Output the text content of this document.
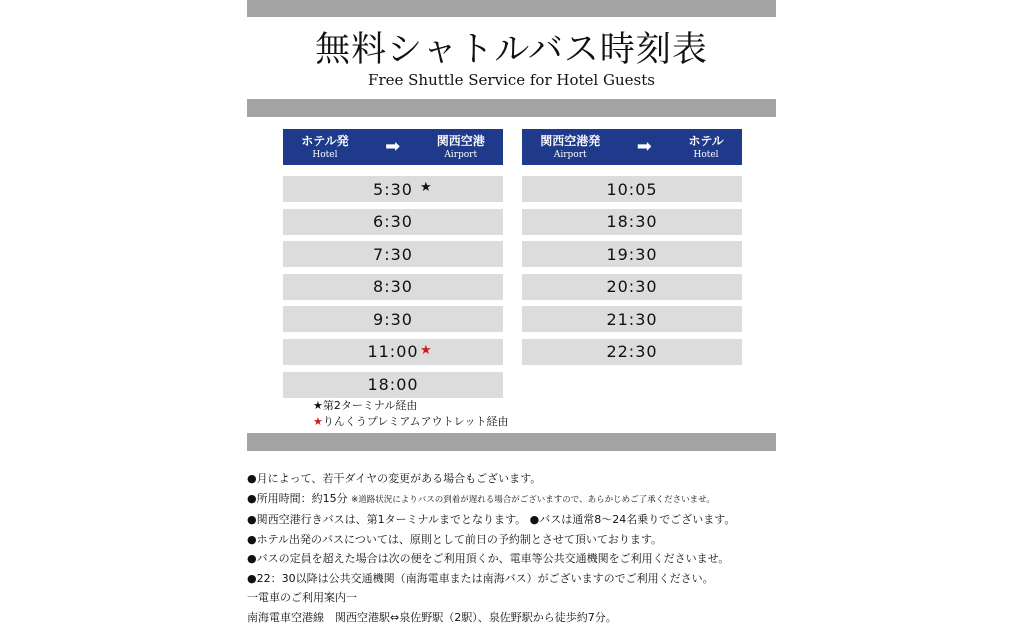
無料シャトルバス時刻表
Free Shuttle Service for Hotel Guests
ホテル発
Hotel	➡	関西空港
Airport
5:30 ★
6:30
7:30
8:30
9:30
11:00 ★
18:00
関西空港発
Airport	➡	ホテル
Hotel
10:05
18:30
19:30
20:30
21:30
22:30
★第2ターミナル経由
★りんくうプレミアムアウトレット経由
●月によって、若干ダイヤの変更がある場合もございます。
●所用時間：約15分 ※道路状況によりバスの到着が遅れる場合がございますので、あらかじめご了承くださいませ。
●関西空港行きバスは、第1ターミナルまでとなります。 ●バスは通常8～24名乗りでございます。
●ホテル出発のバスについては、原則として前日の予約制とさせて頂いております。
●バスの定員を超えた場合は次の便をご利用頂くか、電車等公共交通機関をご利用くださいませ。
●22：30以降は公共交通機関（南海電車または南海バス）がございますのでご利用ください。
一電車のご利用案内一
南海電車空港線　関西空港駅⇔泉佐野駅（2駅）、泉佐野駅から徒歩約7分。
